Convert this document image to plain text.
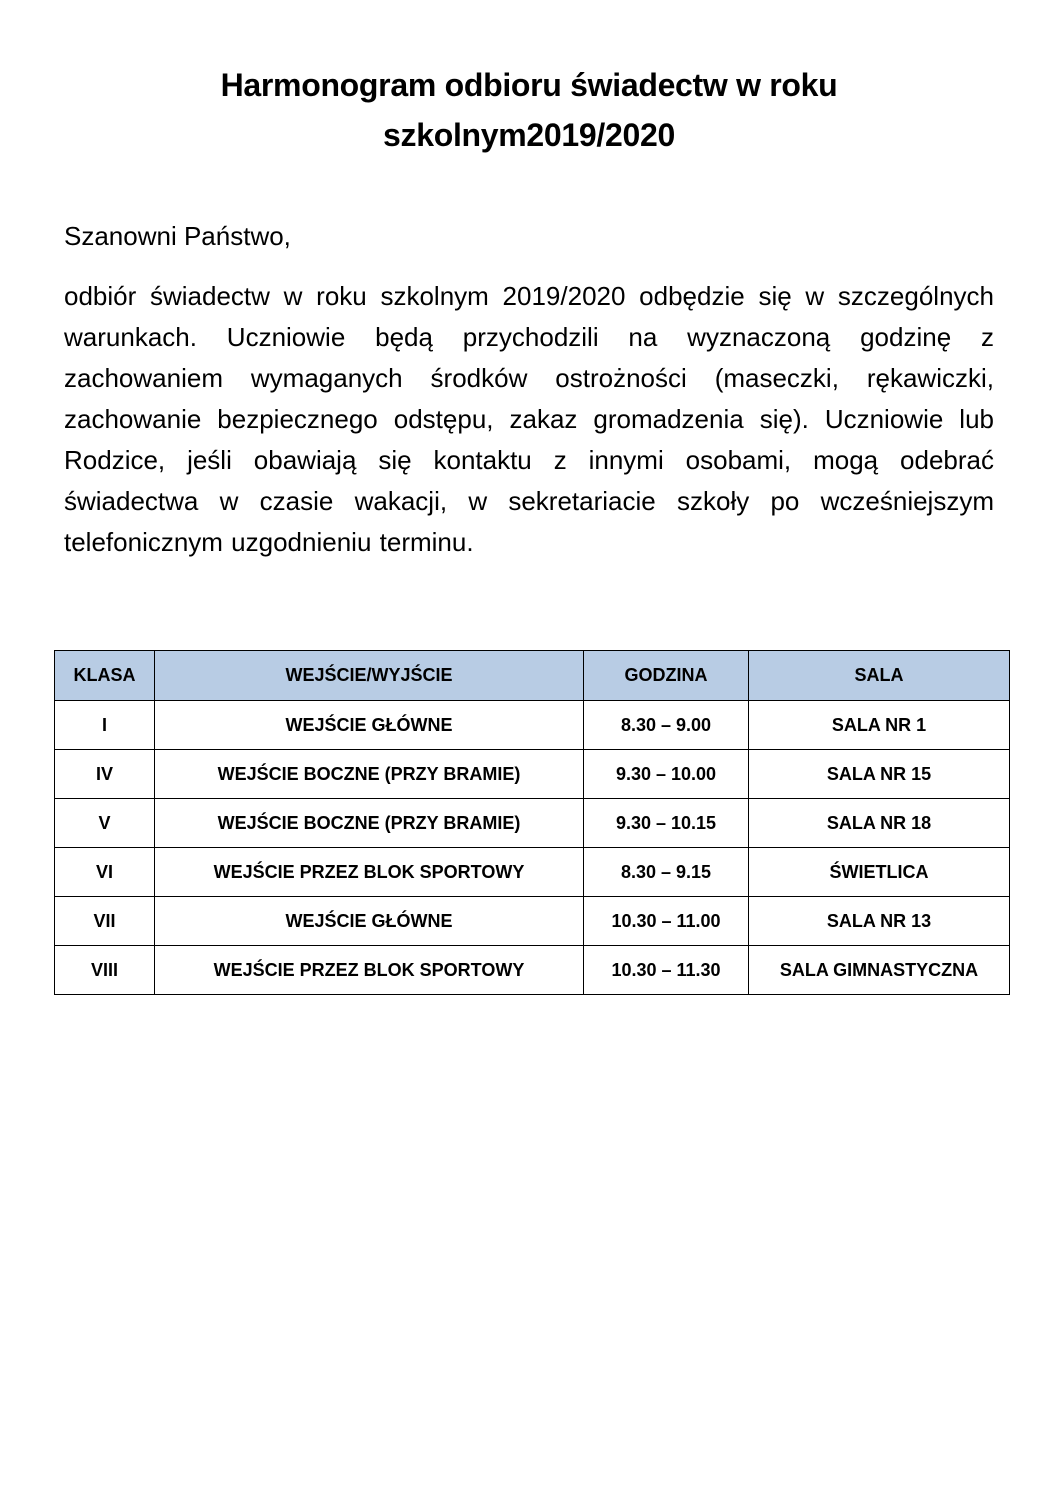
Harmonogram odbioru świadectw w roku
szkolnym2019/2020
Szanowni Państwo,
odbiór świadectw w roku szkolnym 2019/2020 odbędzie się w szczególnych warunkach. Uczniowie będą przychodzili na wyznaczoną godzinę z zachowaniem wymaganych środków ostrożności (maseczki, rękawiczki, zachowanie bezpiecznego odstępu, zakaz gromadzenia się). Uczniowie lub Rodzice, jeśli obawiają się kontaktu z innymi osobami, mogą odebrać świadectwa w czasie wakacji, w sekretariacie szkoły po wcześniejszym telefonicznym uzgodnieniu terminu.
KLASA	WEJŚCIE/WYJŚCIE	GODZINA	SALA
I	WEJŚCIE GŁÓWNE	8.30 – 9.00	SALA NR 1
IV	WEJŚCIE BOCZNE (PRZY BRAMIE)	9.30 – 10.00	SALA NR 15
V	WEJŚCIE BOCZNE (PRZY BRAMIE)	9.30 – 10.15	SALA NR 18
VI	WEJŚCIE PRZEZ BLOK SPORTOWY	8.30 – 9.15	ŚWIETLICA
VII	WEJŚCIE GŁÓWNE	10.30 – 11.00	SALA NR 13
VIII	WEJŚCIE PRZEZ BLOK SPORTOWY	10.30 – 11.30	SALA GIMNASTYCZNA
